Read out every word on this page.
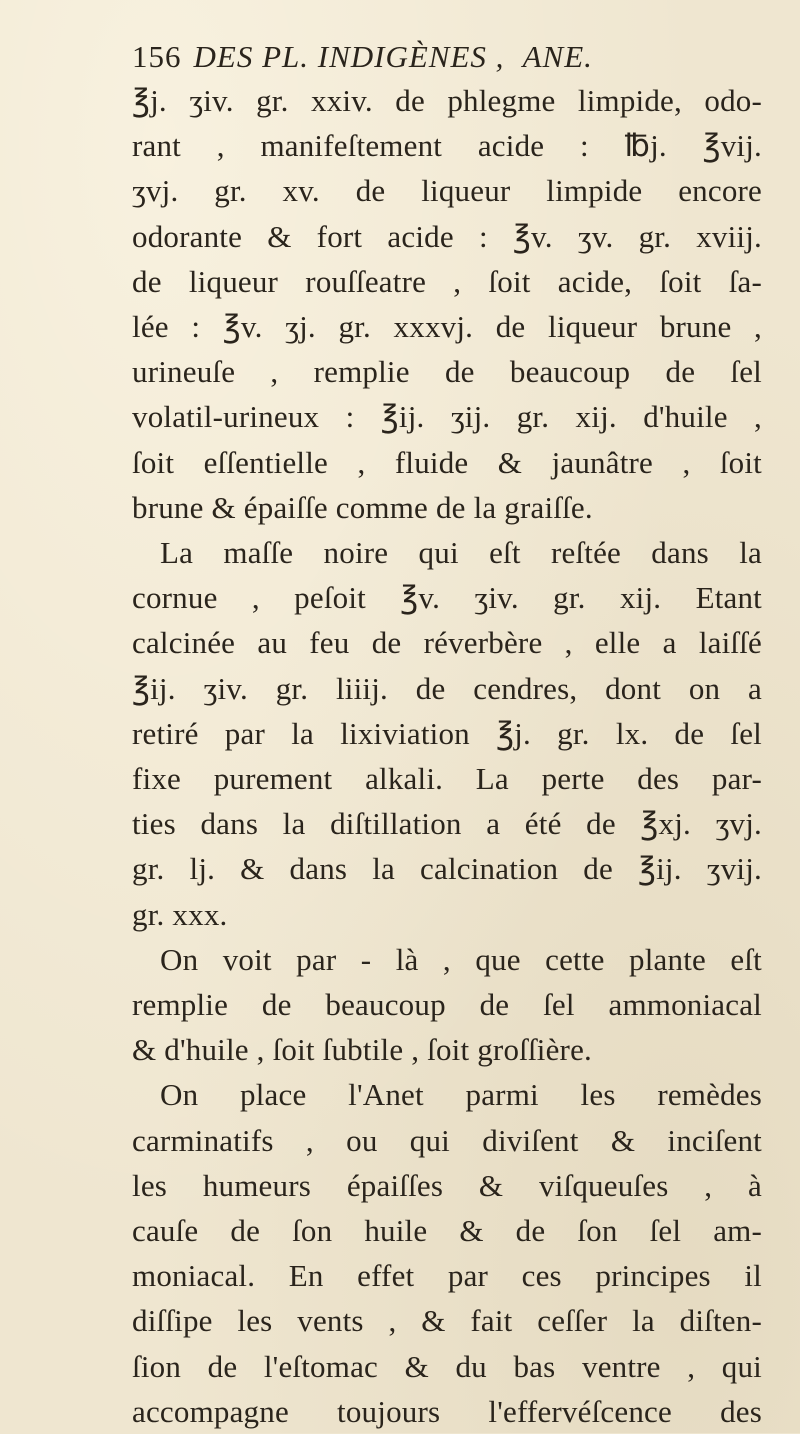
156 DES PL. INDIGÈNES , ANE.
℥j. ʒiv. gr. xxiv. de phlegme limpide, odo-
rant , manifeſtement acide : ℔j. ℥vij.
ʒvj. gr. xv. de liqueur limpide encore
odorante & fort acide : ℥v. ʒv. gr. xviij.
de liqueur rouſſeatre , ſoit acide, ſoit ſa-
lée : ℥v. ʒj. gr. xxxvj. de liqueur brune ,
urineuſe , remplie de beaucoup de ſel
volatil-urineux : ℥ij. ʒij. gr. xij. d'huile ,
ſoit eſſentielle , fluide & jaunâtre , ſoit
brune & épaiſſe comme de la graiſſe.
La maſſe noire qui eſt reſtée dans la
cornue , peſoit ℥v. ʒiv. gr. xij. Etant
calcinée au feu de réverbère , elle a laiſſé
℥ij. ʒiv. gr. liiij. de cendres, dont on a
retiré par la lixiviation ℥j. gr. lx. de ſel
fixe purement alkali. La perte des par-
ties dans la diſtillation a été de ℥xj. ʒvj.
gr. lj. & dans la calcination de ℥ij. ʒvij.
gr. xxx.
On voit par - là , que cette plante eſt
remplie de beaucoup de ſel ammoniacal
& d'huile , ſoit ſubtile , ſoit groſſière.
On place l'Anet parmi les remèdes
carminatifs , ou qui diviſent & inciſent
les humeurs épaiſſes & viſqueuſes , à
cauſe de ſon huile & de ſon ſel am-
moniacal. En effet par ces principes il
diſſipe les vents , & fait ceſſer la diſten-
ſion de l'eſtomac & du bas ventre , qui
accompagne toujours l'effervéſcence des
